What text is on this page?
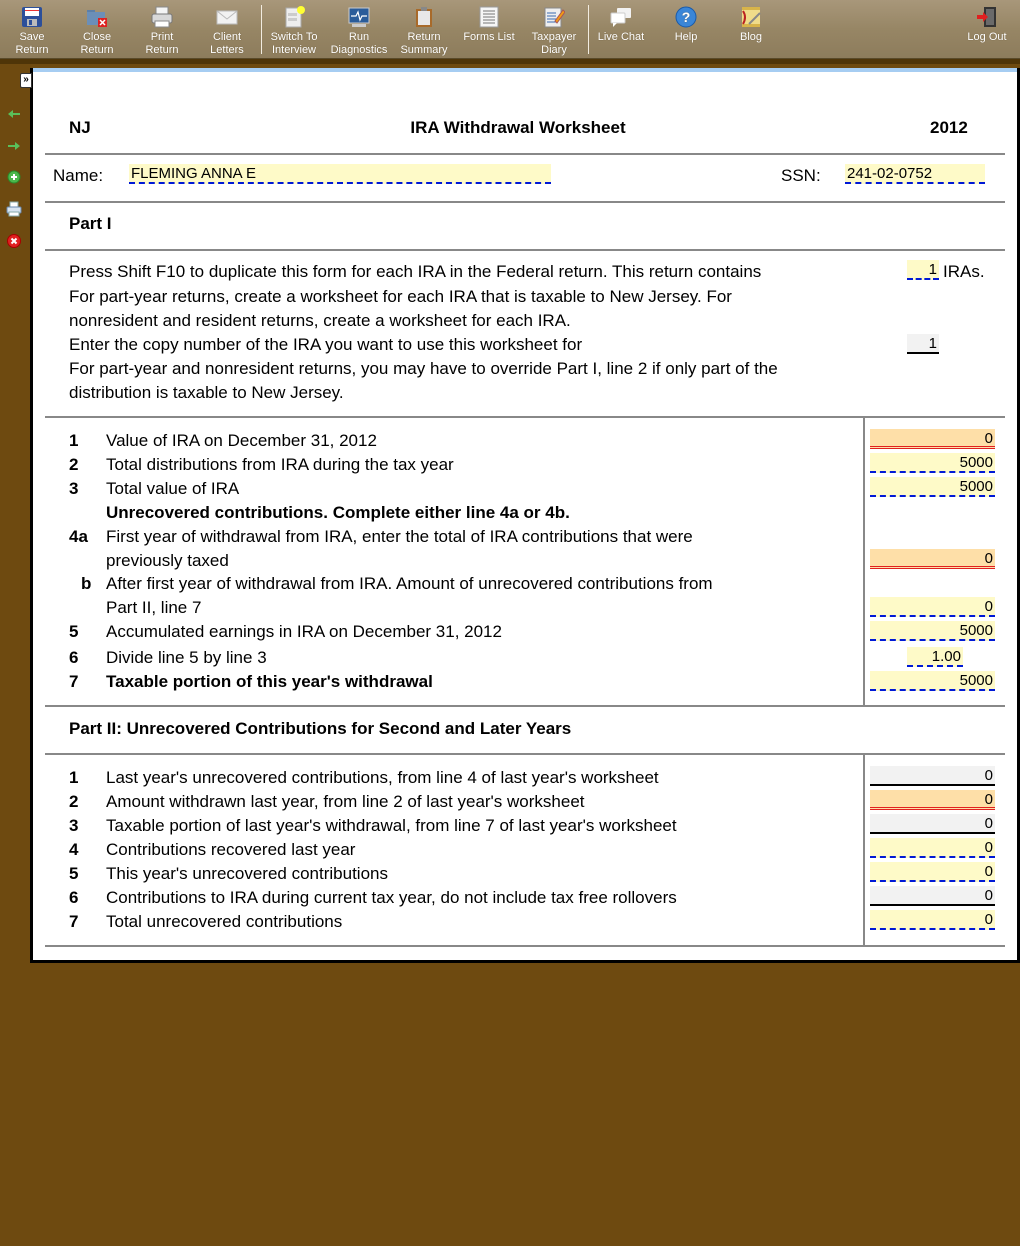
Save
Return
Close
Return
Print
Return
Client
Letters
Switch To
Interview
Run
Diagnostics
Return
Summary
Forms List	Taxpayer
Diary
Live Chat
?
Help	Blog	Log Out
»
NJ	IRA Withdrawal Worksheet	2012
Name: FLEMING ANNA E	SSN: 241-02-0752
Part I
Press Shift F10 to duplicate this form for each IRA in the Federal return. This return contains	1 IRAs.
For part-year returns, create a worksheet for each IRA that is taxable to New Jersey. For
nonresident and resident returns, create a worksheet for each IRA.
Enter the copy number of the IRA you want to use this worksheet for	1
For part-year and nonresident returns, you may have to override Part I, line 2 if only part of the
distribution is taxable to New Jersey.
1 Value of IRA on December 31, 2012	0
2 Total distributions from IRA during the tax year	5000
3 Total value of IRA	5000
Unrecovered contributions. Complete either line 4a or 4b.
4a First year of withdrawal from IRA, enter the total of IRA contributions that were
previously taxed	0
b After first year of withdrawal from IRA. Amount of unrecovered contributions from
Part II, line 7	0
5 Accumulated earnings in IRA on December 31, 2012	5000
6 Divide line 5 by line 3	1.00
7 Taxable portion of this year's withdrawal	5000
Part II: Unrecovered Contributions for Second and Later Years
1 Last year's unrecovered contributions, from line 4 of last year's worksheet	0
2 Amount withdrawn last year, from line 2 of last year's worksheet	0
3 Taxable portion of last year's withdrawal, from line 7 of last year's worksheet	0
4 Contributions recovered last year	0
5 This year's unrecovered contributions	0
6 Contributions to IRA during current tax year, do not include tax free rollovers	0
7 Total unrecovered contributions	0
